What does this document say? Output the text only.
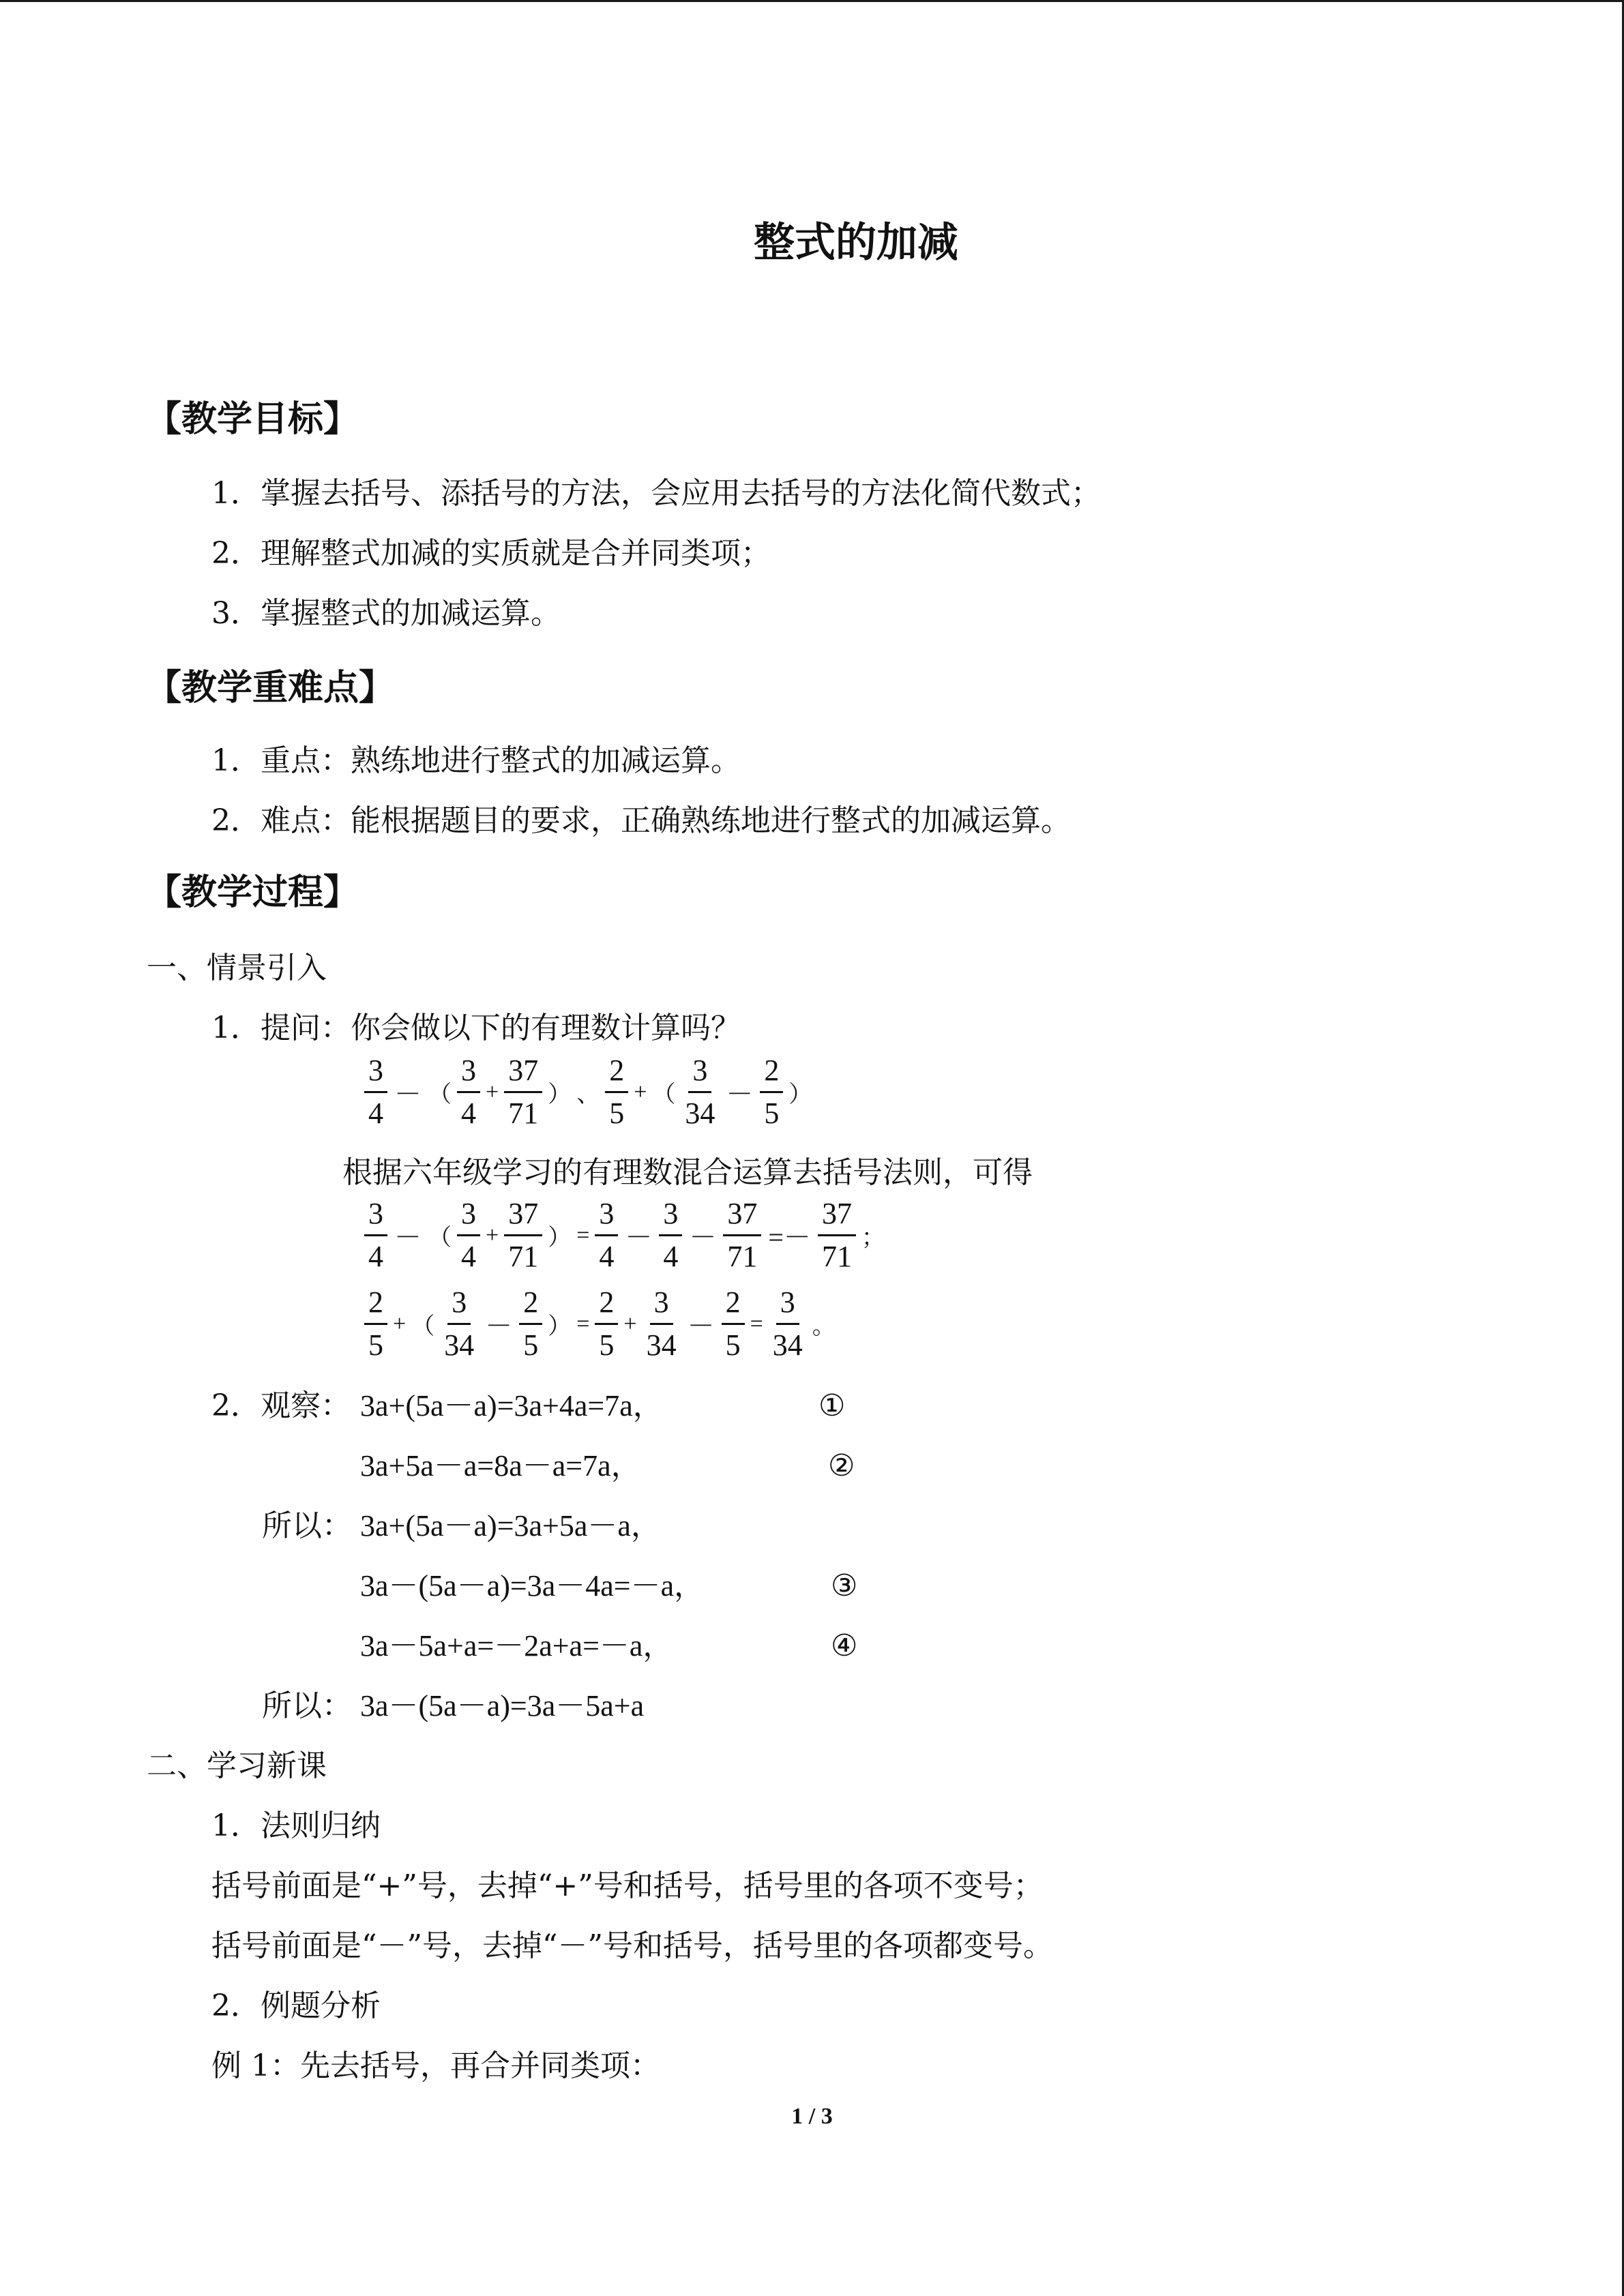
整式的加减
【教学目标】
1．掌握去括号、添括号的方法，会应用去括号的方法化简代数式；
2．理解整式加减的实质就是合并同类项；
3．掌握整式的加减运算。
【教学重难点】
1．重点：熟练地进行整式的加减运算。
2．难点：能根据题目的要求，正确熟练地进行整式的加减运算。
【教学过程】
一、情景引入
1．提问：你会做以下的有理数计算吗？
$\frac{3}{4}$ － （ $\frac{3}{4} + \frac{37}{71}$ ） 、 $\frac{2}{5}$ + （ $\frac{3}{34} - \frac{2}{5}$ ）
根据六年级学习的有理数混合运算去括号法则，可得
$\frac{3}{4}$ － （ $\frac{3}{4} + \frac{37}{71}$ ） = $\frac{3}{4} - \frac{3}{4} - \frac{37}{71} =- \frac{37}{71}$ ；
$\frac{2}{5}$ + （ $\frac{3}{34} - \frac{2}{5}$ ） = $\frac{2}{5} + \frac{3}{34} - \frac{2}{5} = \frac{3}{34}$ 。
2．观察： 3a+(5a－a)=3a+4a=7a，	①
3a+5a－a=8a－a=7a，	②
所以： 3a+(5a－a)=3a+5a－a，
3a－(5a－a)=3a－4a=－a，	③
3a－5a+a=－2a+a=－a，	④
所以： 3a－(5a－a)=3a－5a+a
二、学习新课
1．法则归纳
括号前面是“+”号，去掉“+”号和括号，括号里的各项不变号；
括号前面是“－”号，去掉“－”号和括号，括号里的各项都变号。
2．例题分析
例 1：先去括号，再合并同类项：
1 / 3
